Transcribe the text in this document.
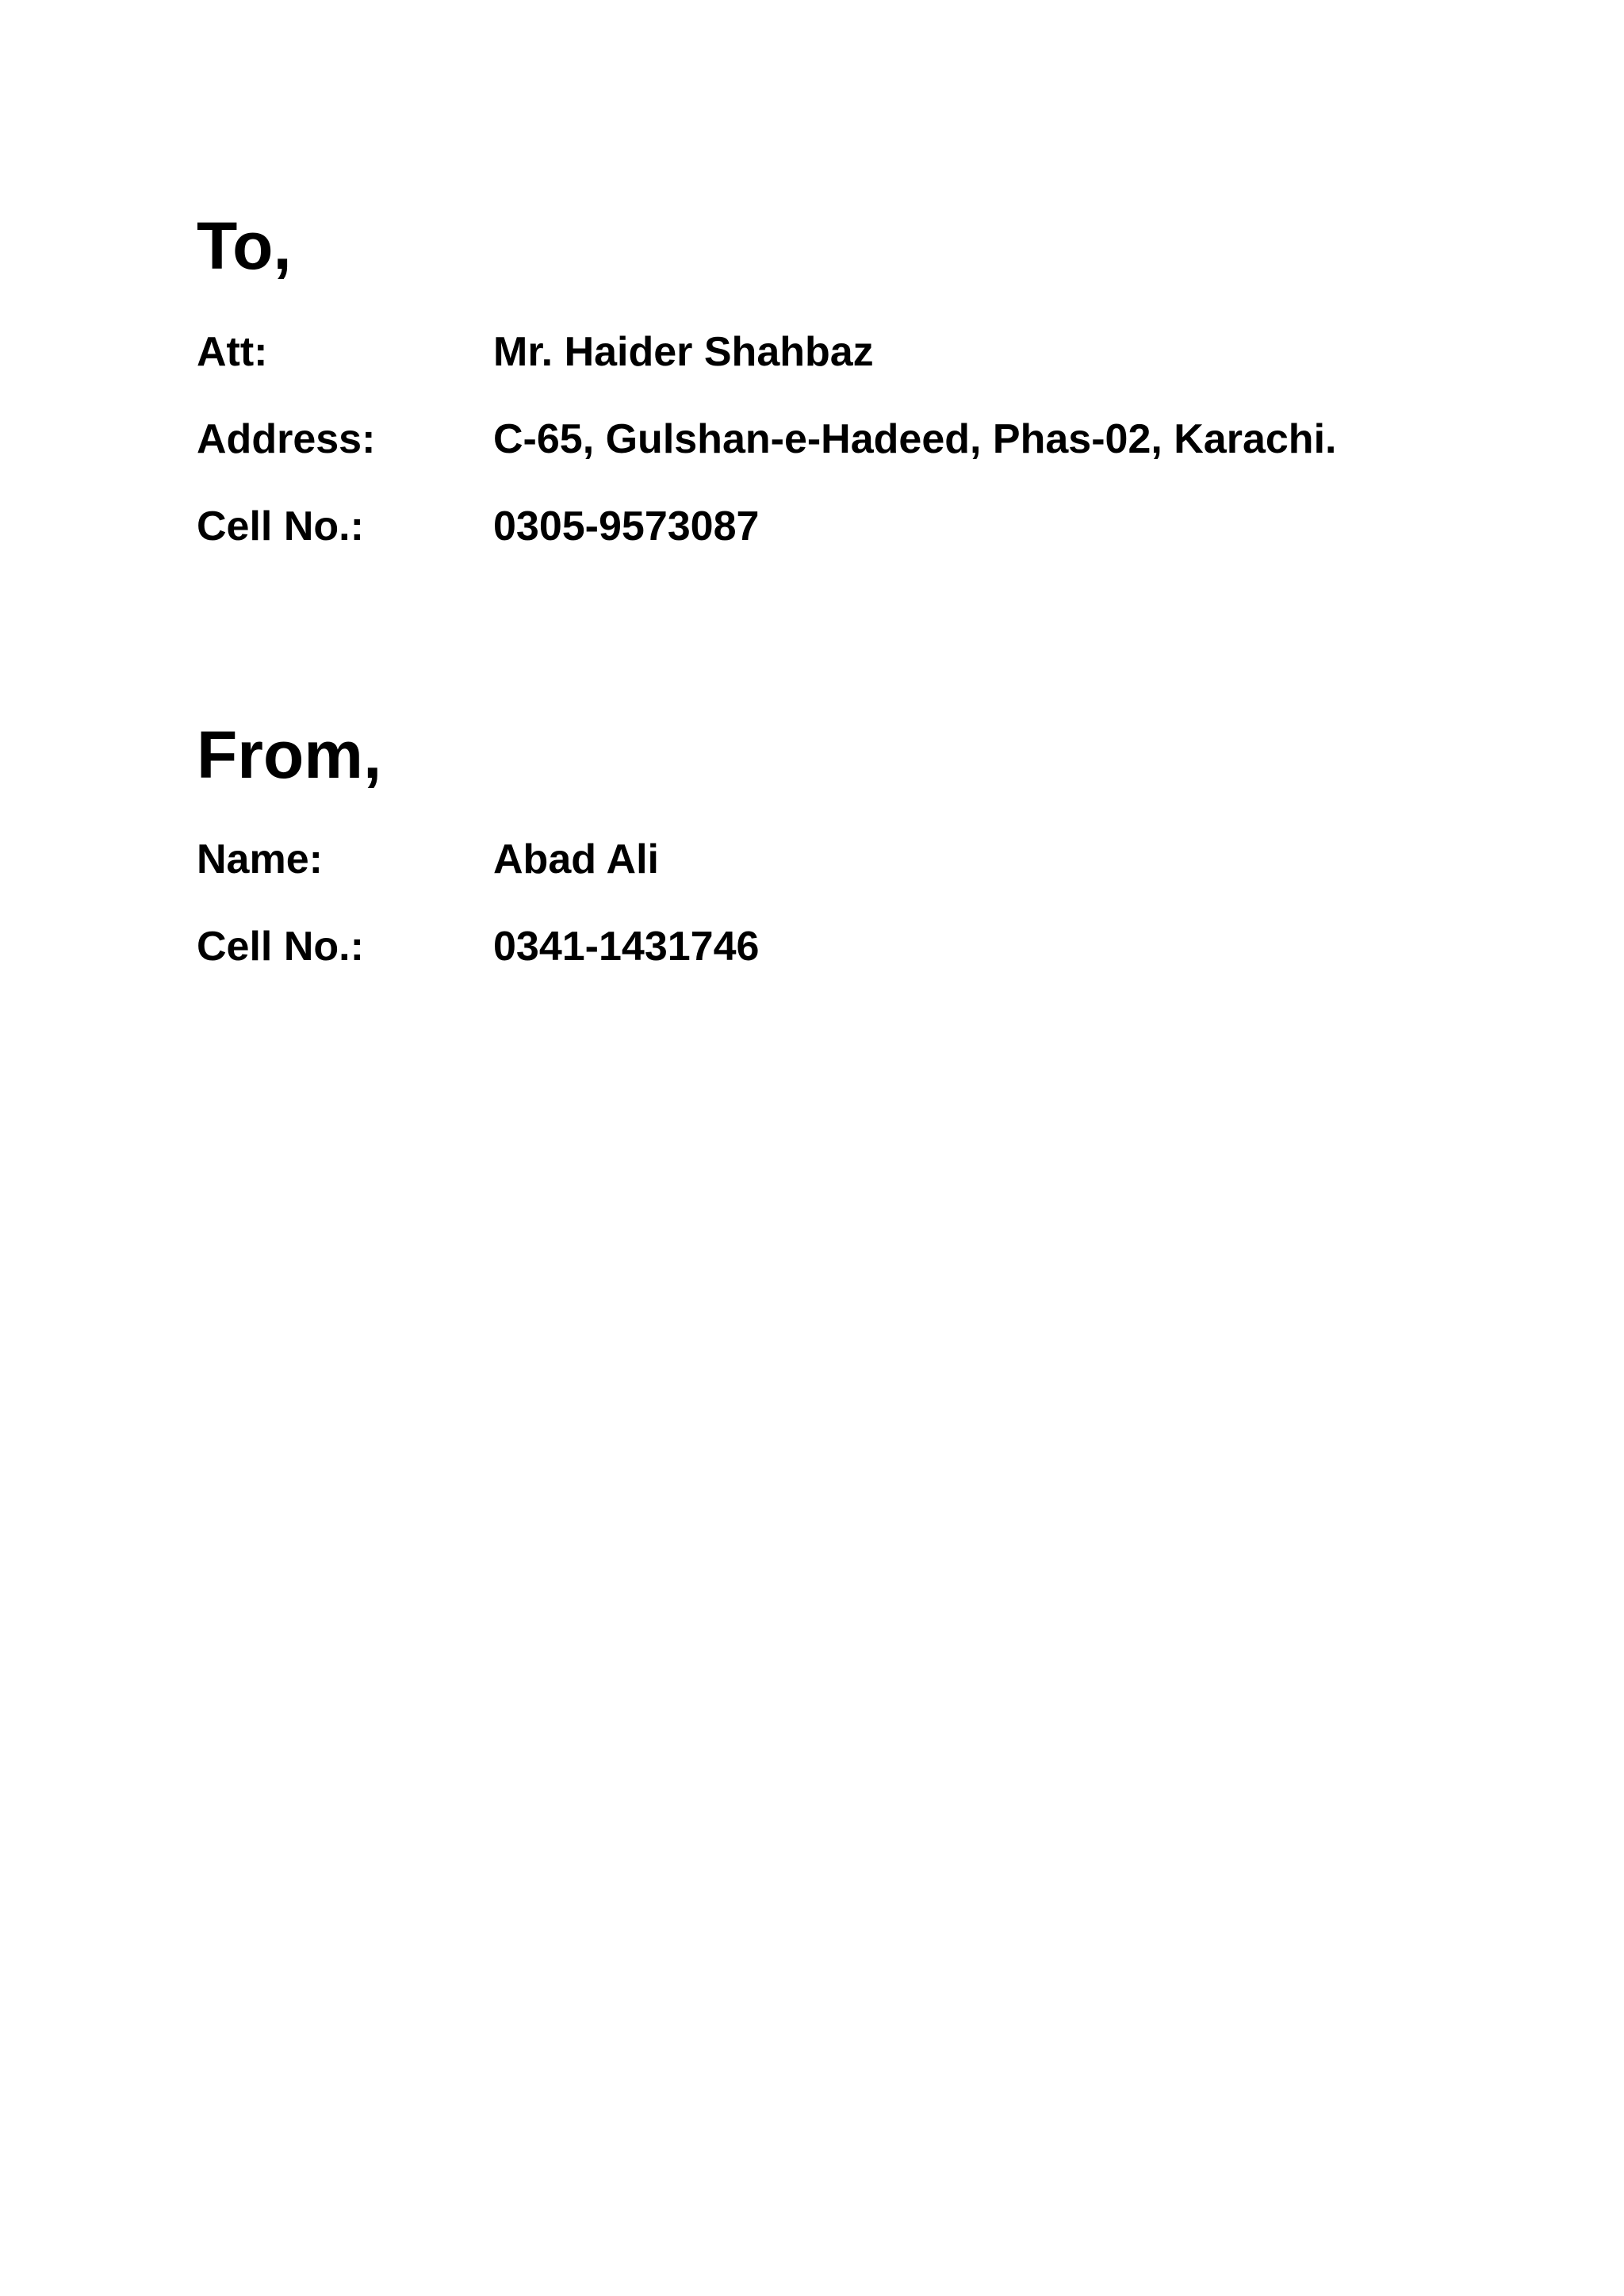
To,
Att:	Mr. Haider Shahbaz
Address:	C-65, Gulshan-e-Hadeed, Phas-02, Karachi.
Cell No.:	0305-9573087
From,
Name:	Abad Ali
Cell No.:	0341-1431746
